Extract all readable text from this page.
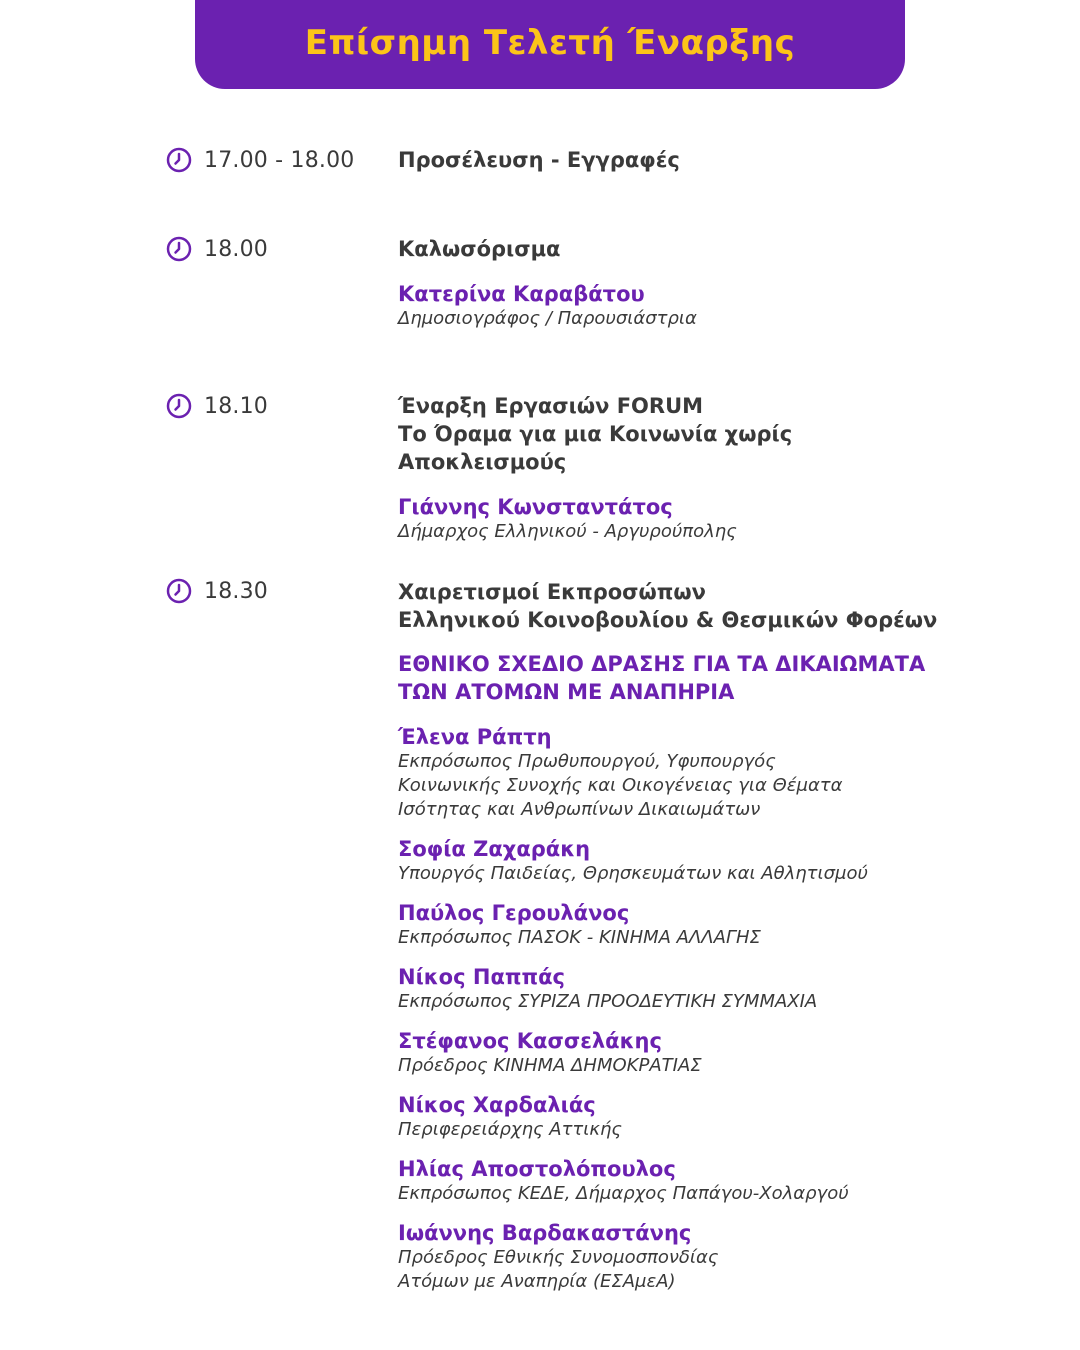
Επίσημη Τελετή Έναρξης
17.00 - 18.00 Προσέλευση - Εγγραφές
18.00	Καλωσόρισμα
Κατερίνα Καραβάτου
Δημοσιογράφος / Παρουσιάστρια
18.10	Έναρξη Εργασιών FORUM
Το Όραμα για μια Κοινωνία χωρίς Αποκλεισμούς
Γιάννης Κωνσταντάτος
Δήμαρχος Ελληνικού - Αργυρούπολης
18.30	Χαιρετισμοί Εκπροσώπων
Ελληνικού Κοινοβουλίου & Θεσμικών Φορέων
ΕΘΝΙΚΟ ΣΧΕΔΙΟ ΔΡΑΣΗΣ ΓΙΑ ΤΑ ΔΙΚΑΙΩΜΑΤΑ
ΤΩΝ ΑΤΟΜΩΝ ΜΕ ΑΝΑΠΗΡΙΑ
Έλενα Ράπτη
Εκπρόσωπος Πρωθυπουργού, Υφυπουργός
Κοινωνικής Συνοχής και Οικογένειας για Θέματα
Ισότητας και Ανθρωπίνων Δικαιωμάτων
Σοφία Ζαχαράκη
Υπουργός Παιδείας, Θρησκευμάτων και Αθλητισμού
Παύλος Γερουλάνος
Εκπρόσωπος ΠΑΣΟΚ - ΚΙΝΗΜΑ ΑΛΛΑΓΗΣ
Νίκος Παππάς
Εκπρόσωπος ΣΥΡΙΖΑ ΠΡΟΟΔΕΥΤΙΚΗ ΣΥΜΜΑΧΙΑ
Στέφανος Κασσελάκης
Πρόεδρος ΚΙΝΗΜΑ ΔΗΜΟΚΡΑΤΙΑΣ
Νίκος Χαρδαλιάς
Περιφερειάρχης Αττικής
Ηλίας Αποστολόπουλος
Εκπρόσωπος ΚΕΔΕ, Δήμαρχος Παπάγου-Χολαργού
Ιωάννης Βαρδακαστάνης
Πρόεδρος Εθνικής Συνομοσπονδίας
Ατόμων με Αναπηρία (ΕΣΑμεΑ)
